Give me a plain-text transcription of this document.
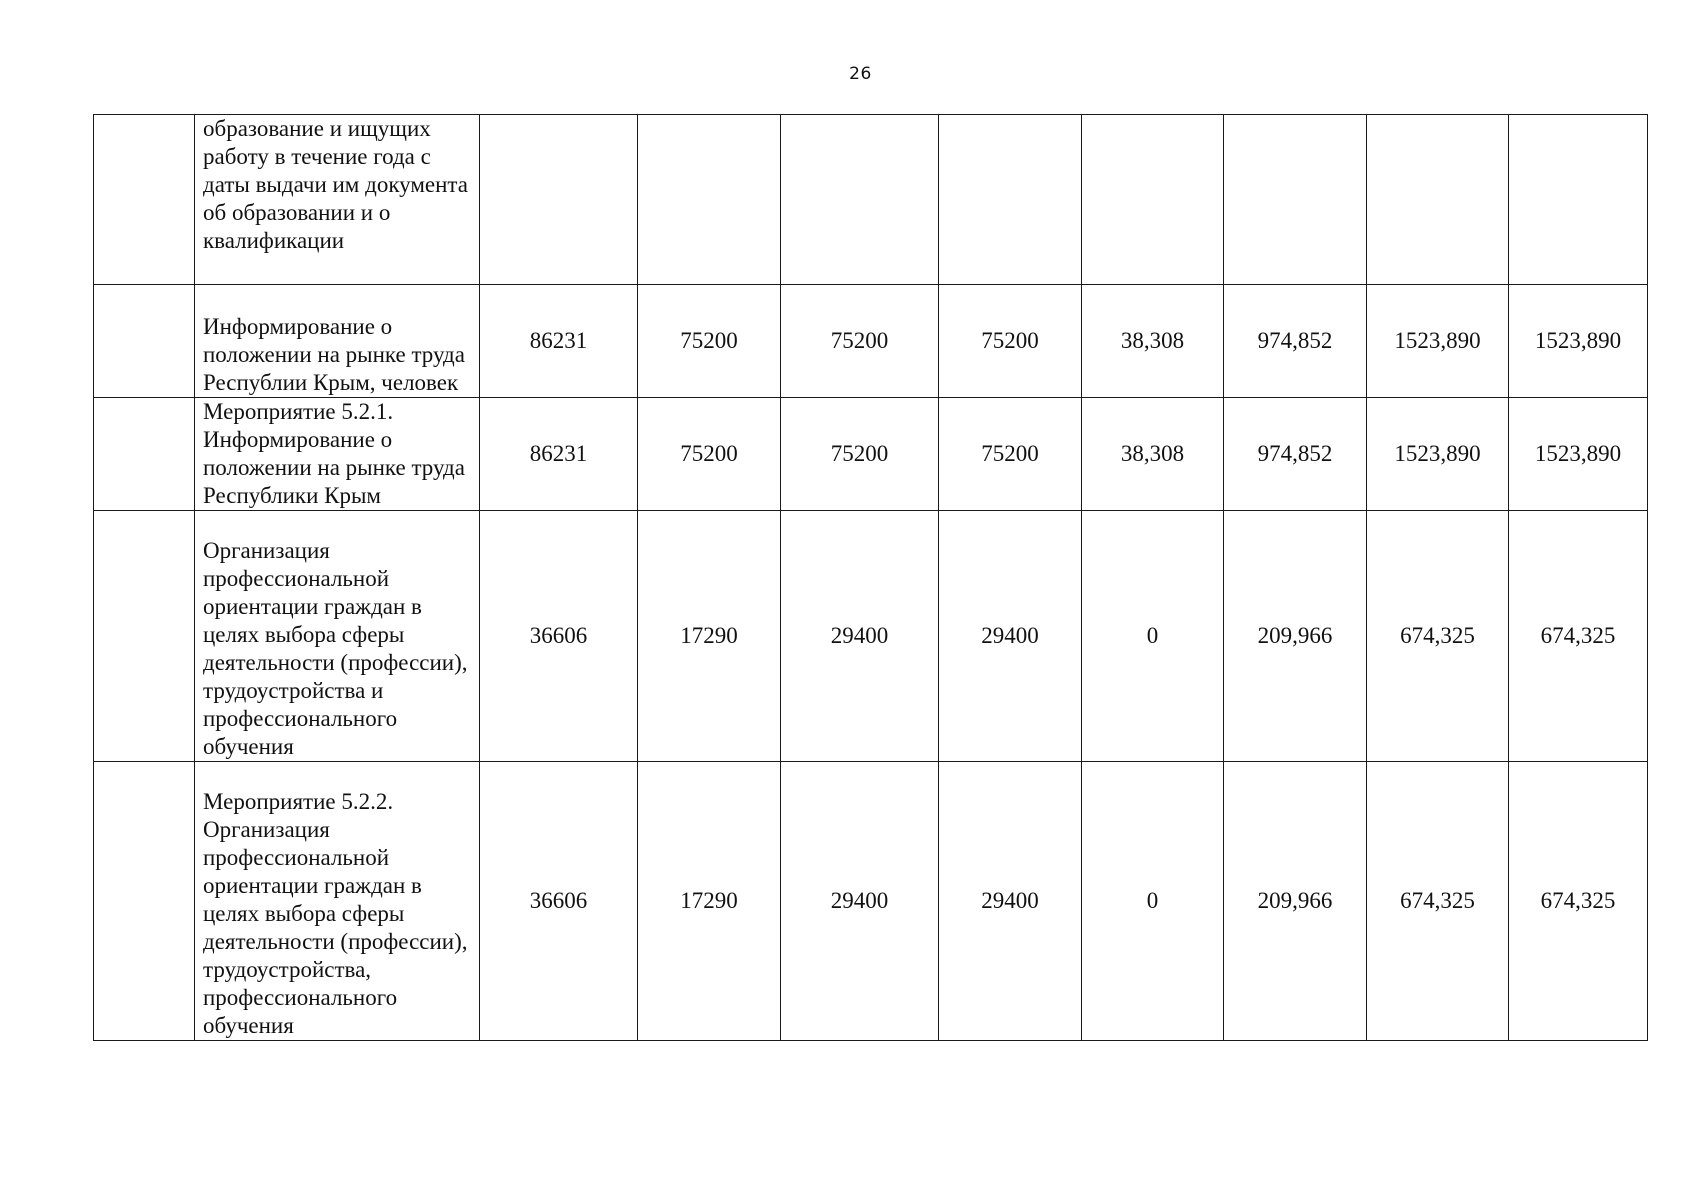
26
	образование и ищущих работу в течение года с даты выдачи им документа об образовании и о квалификации								
	Информирование о положении на рынке труда Республии Крым, человек	86231	75200	75200	75200	38,308	974,852	1523,890	1523,890
	Мероприятие 5.2.1. Информирование о положении на рынке труда Республики Крым	86231	75200	75200	75200	38,308	974,852	1523,890	1523,890
	Организация профессиональной ориентации граждан в целях выбора сферы деятельности (профессии), трудоустройства и профессионального обучения	36606	17290	29400	29400	0	209,966	674,325	674,325
	Мероприятие 5.2.2. Организация профессиональной ориентации граждан в целях выбора сферы деятельности (профессии), трудоустройства, профессионального обучения	36606	17290	29400	29400	0	209,966	674,325	674,325
